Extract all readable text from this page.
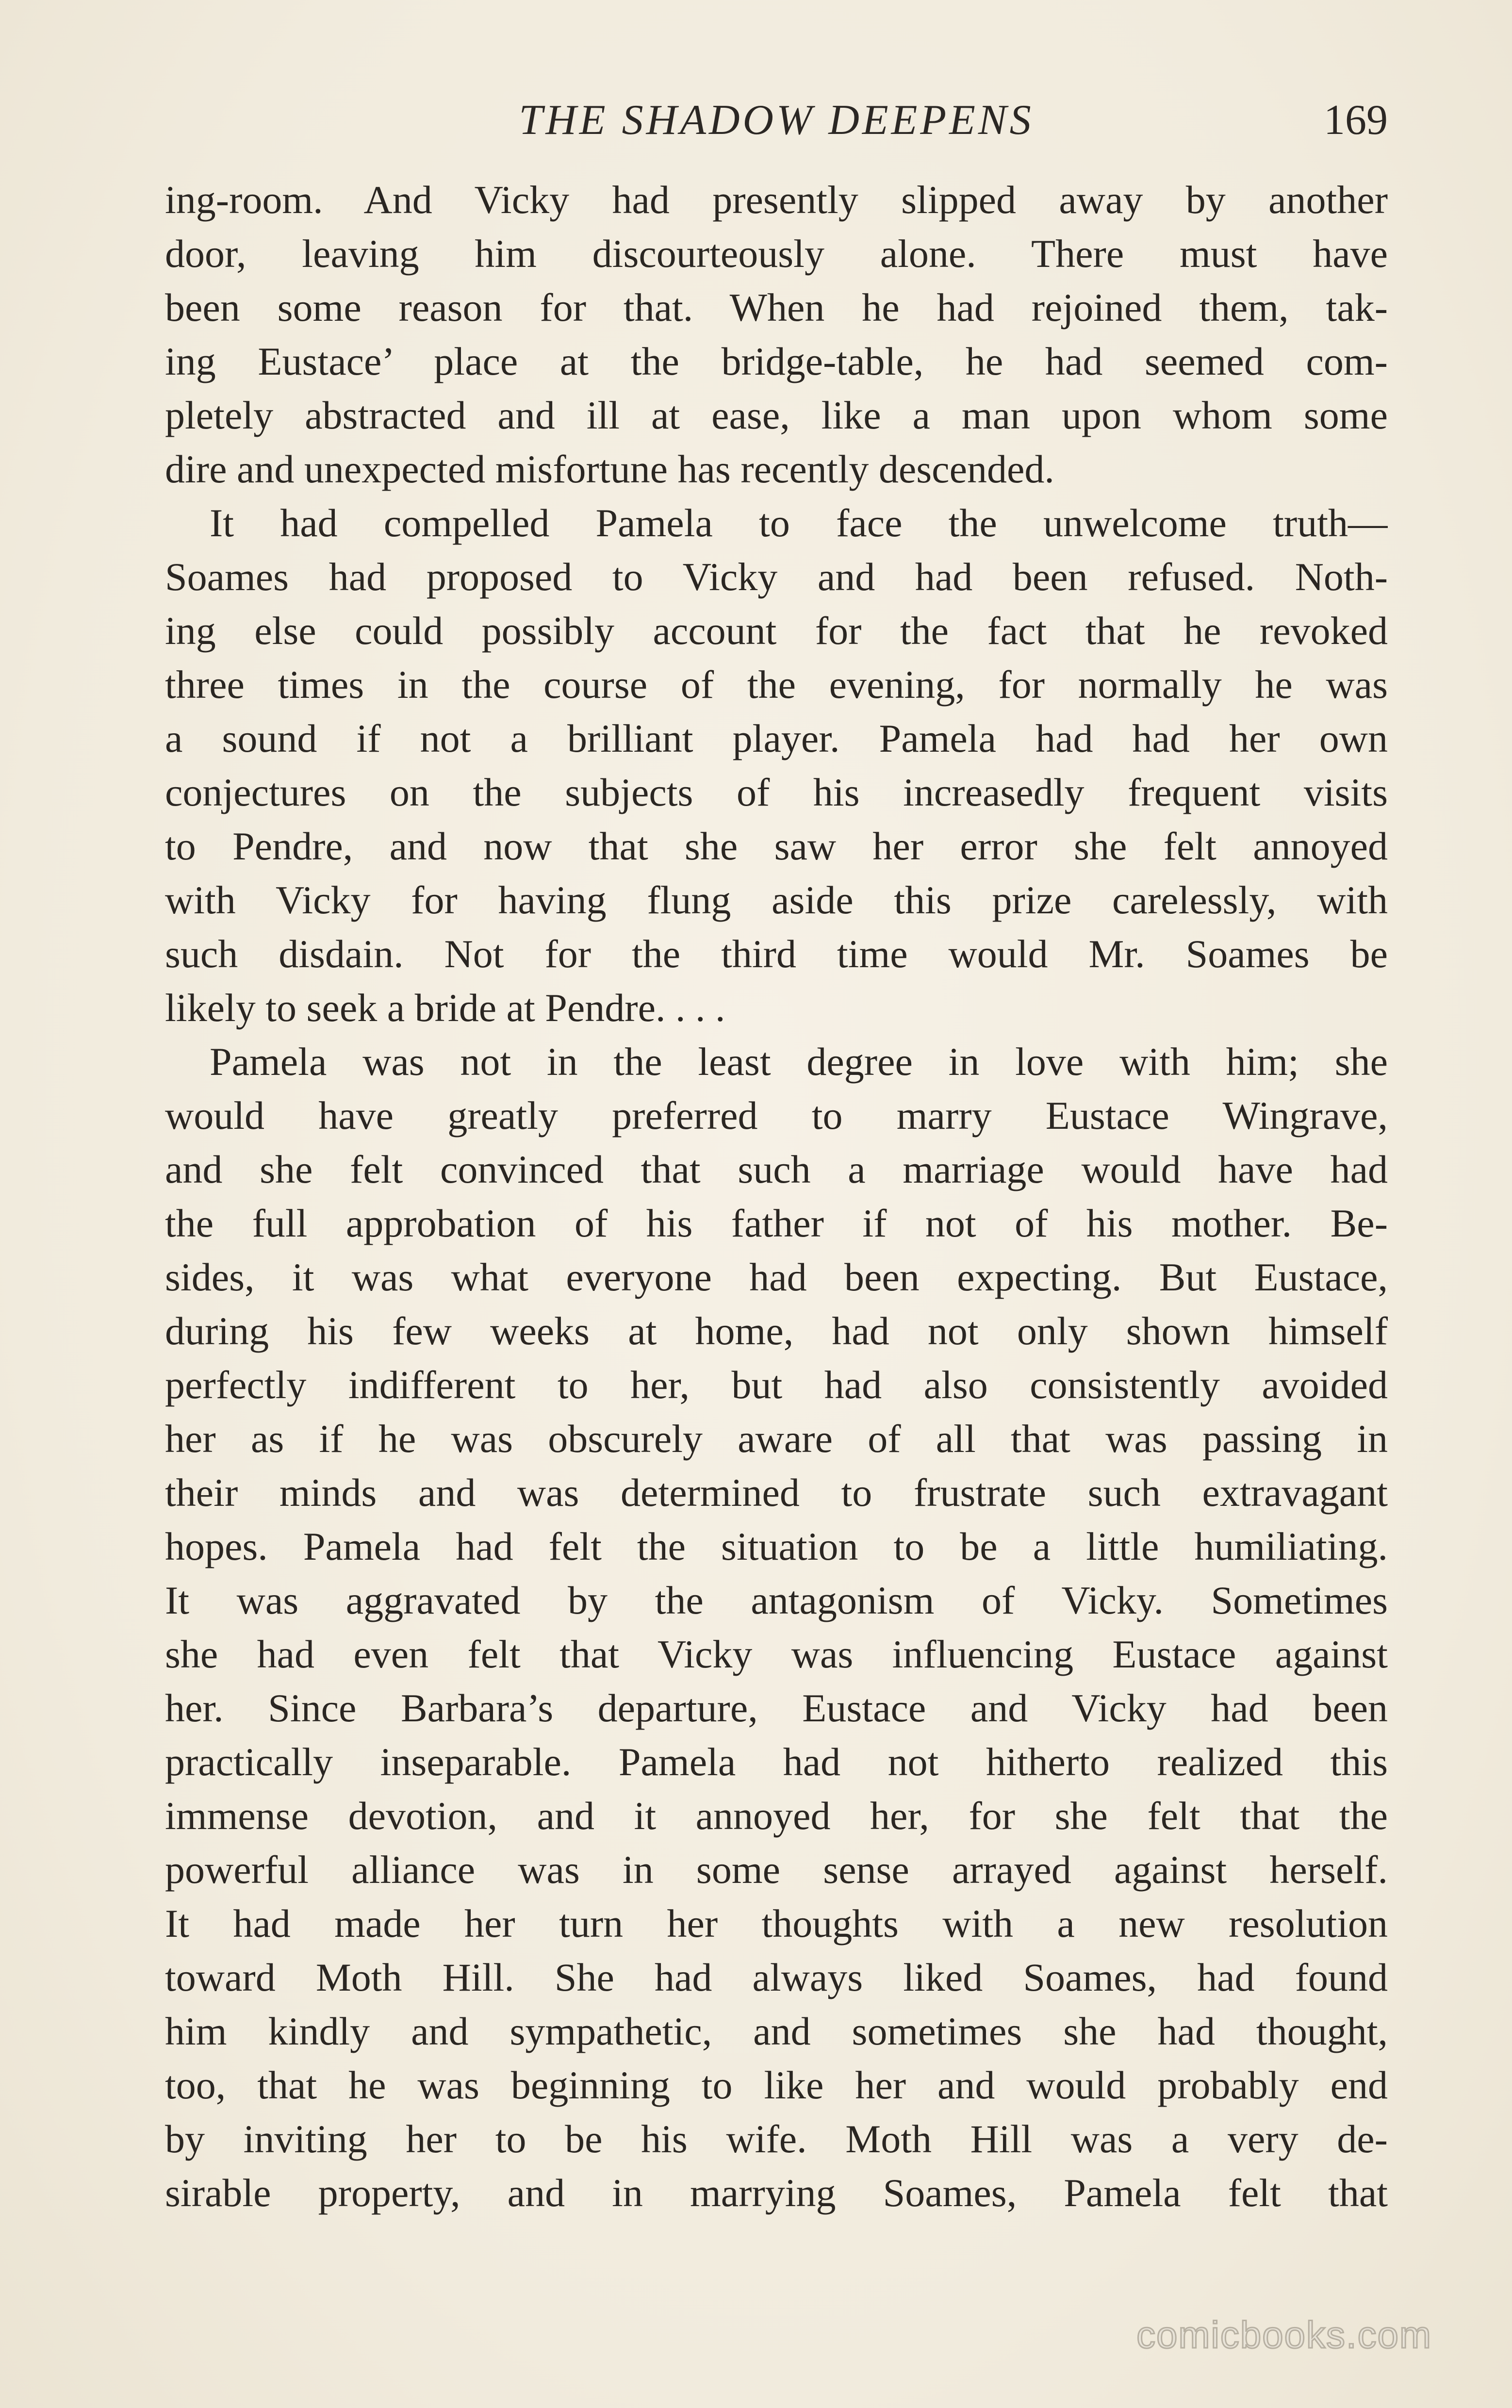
THE SHADOW DEEPENS	169
ing-room. And Vicky had presently slipped away by another
door, leaving him discourteously alone. There must have
been some reason for that. When he had rejoined them, tak-
ing Eustace’ place at the bridge-table, he had seemed com-
pletely abstracted and ill at ease, like a man upon whom some
dire and unexpected misfortune has recently descended.
It had compelled Pamela to face the unwelcome truth—
Soames had proposed to Vicky and had been refused. Noth-
ing else could possibly account for the fact that he revoked
three times in the course of the evening, for normally he was
a sound if not a brilliant player. Pamela had had her own
conjectures on the subjects of his increasedly frequent visits
to Pendre, and now that she saw her error she felt annoyed
with Vicky for having flung aside this prize carelessly, with
such disdain. Not for the third time would Mr. Soames be
likely to seek a bride at Pendre. . . .
Pamela was not in the least degree in love with him; she
would have greatly preferred to marry Eustace Wingrave,
and she felt convinced that such a marriage would have had
the full approbation of his father if not of his mother. Be-
sides, it was what everyone had been expecting. But Eustace,
during his few weeks at home, had not only shown himself
perfectly indifferent to her, but had also consistently avoided
her as if he was obscurely aware of all that was passing in
their minds and was determined to frustrate such extravagant
hopes. Pamela had felt the situation to be a little humiliating.
It was aggravated by the antagonism of Vicky. Sometimes
she had even felt that Vicky was influencing Eustace against
her. Since Barbara’s departure, Eustace and Vicky had been
practically inseparable. Pamela had not hitherto realized this
immense devotion, and it annoyed her, for she felt that the
powerful alliance was in some sense arrayed against herself.
It had made her turn her thoughts with a new resolution
toward Moth Hill. She had always liked Soames, had found
him kindly and sympathetic, and sometimes she had thought,
too, that he was beginning to like her and would probably end
by inviting her to be his wife. Moth Hill was a very de-
sirable property, and in marrying Soames, Pamela felt that
comicbooks.com
